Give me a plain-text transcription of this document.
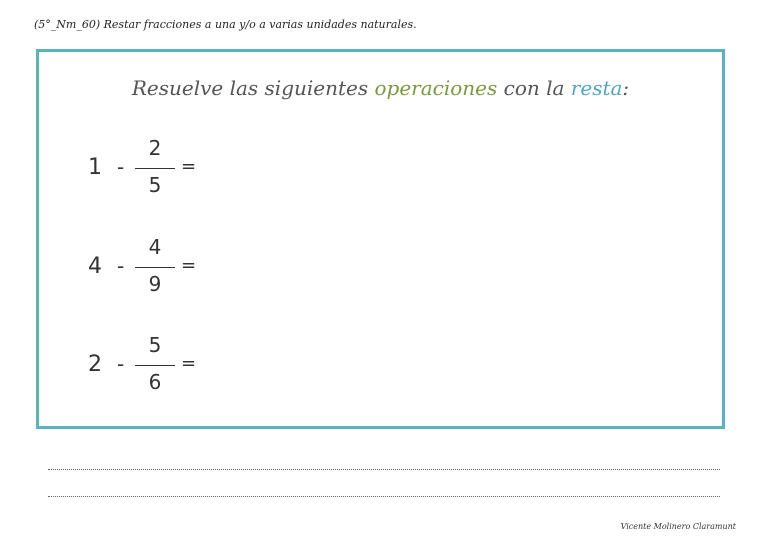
(5°_Nm_60) Restar fracciones a una y/o a varias unidades naturales.
Resuelve las siguientes operaciones con la resta:
1 -
2
5
=
4 -
4
9
=
2 -
5
6
=
Vicente Molinero Claramunt
